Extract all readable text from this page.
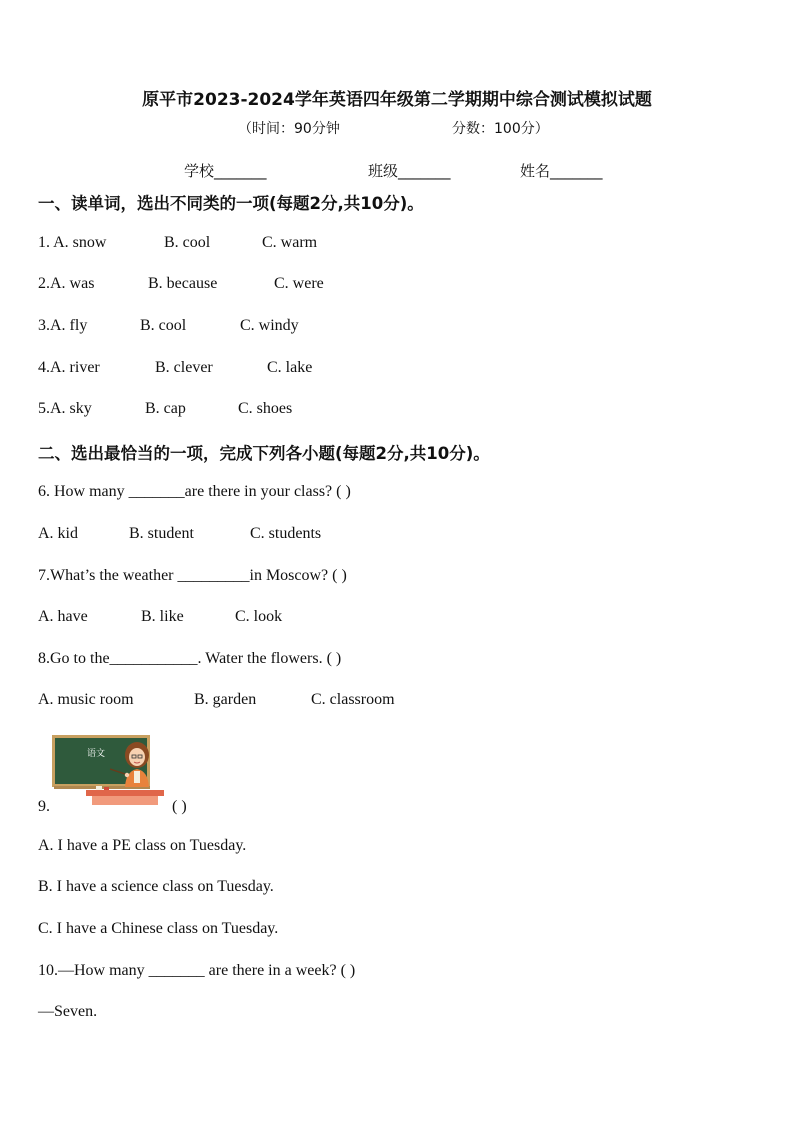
原平市2023-2024学年英语四年级第二学期期中综合测试模拟试题
（时间：90分钟	分数：100分）
学校_______	班级_______	姓名_______
一、读单词，选出不同类的一项(每题2分,共10分)。
1. A. snow	B. cool	C. warm
2.A. was	B. because	C. were
3.A. fly	B. cool	C. windy
4.A. river	B. clever	C. lake
5.A. sky	B. cap	C. shoes
二、选出最恰当的一项，完成下列各小题(每题2分,共10分)。
6. How many _______are there in your class? ( )
A. kid	B. student	C. students
7.What’s the weather _________in Moscow? ( )
A. have	B. like	C. look
8.Go to the___________. Water the flowers. ( )
A. music room	B. garden	C. classroom
语文
9.	( )
A. I have a PE class on Tuesday.
B. I have a science class on Tuesday.
C. I have a Chinese class on Tuesday.
10.—How many _______ are there in a week? ( )
—Seven.
